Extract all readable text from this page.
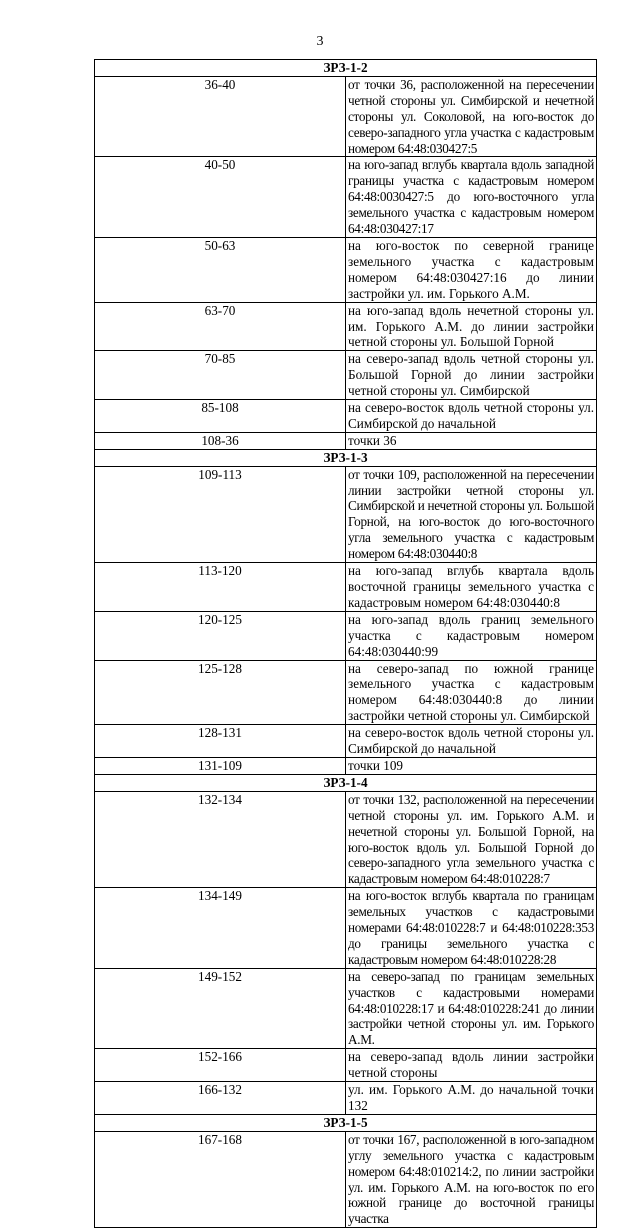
3
ЗРЗ-1-2	
36-40	от точки 36, расположенной на пересечении четной стороны ул. Симбирской и нечетной стороны ул. Соколовой, на юго-восток до северо-западного угла участка с кадастровым номером 64:48:030427:5
40-50	на юго-запад вглубь квартала вдоль западной границы участка с кадастровым номером 64:48:0030427:5 до юго-восточного угла земельного участка с кадастровым номером 64:48:030427:17
50-63	на юго-восток по северной границе земельного участка с кадастровым номером 64:48:030427:16 до линии застройки ул. им. Горького А.М.
63-70	на юго-запад вдоль нечетной стороны ул. им. Горького А.М. до линии застройки четной стороны ул. Большой Горной
70-85	на северо-запад вдоль четной стороны ул. Большой Горной до линии застройки четной стороны ул. Симбирской
85-108	на северо-восток вдоль четной стороны ул. Симбирской до начальной
108-36	точки 36
ЗРЗ-1-3	
109-113	от точки 109, расположенной на пересечении линии застройки четной стороны ул. Симбирской и нечетной стороны ул. Большой Горной, на юго-восток до юго-восточного угла земельного участка с кадастровым номером 64:48:030440:8
113-120	на юго-запад вглубь квартала вдоль восточной границы земельного участка с кадастровым номером 64:48:030440:8
120-125	на юго-запад вдоль границ земельного участка с кадастровым номером 64:48:030440:99
125-128	на северо-запад по южной границе земельного участка с кадастровым номером 64:48:030440:8 до линии застройки четной стороны ул. Симбирской
128-131	на северо-восток вдоль четной стороны ул. Симбирской до начальной
131-109	точки 109
ЗРЗ-1-4	
132-134	от точки 132, расположенной на пересечении четной стороны ул. им. Горького А.М. и нечетной стороны ул. Большой Горной, на юго-восток вдоль ул. Большой Горной до северо-западного угла земельного участка с кадастровым номером 64:48:010228:7
134-149	на юго-восток вглубь квартала по границам земельных участков с кадастровыми номерами 64:48:010228:7 и 64:48:010228:353 до границы земельного участка с кадастровым номером 64:48:010228:28
149-152	на северо-запад по границам земельных участков с кадастровыми номерами 64:48:010228:17 и 64:48:010228:241 до линии застройки четной стороны ул. им. Горького А.М.
152-166	на северо-запад вдоль линии застройки четной стороны
166-132	ул. им. Горького А.М. до начальной точки 132
ЗРЗ-1-5	
167-168	от точки 167, расположенной в юго-западном углу земельного участка с кадастровым номером 64:48:010214:2, по линии застройки ул. им. Горького А.М. на юго-восток по его южной границе до восточной границы участка
